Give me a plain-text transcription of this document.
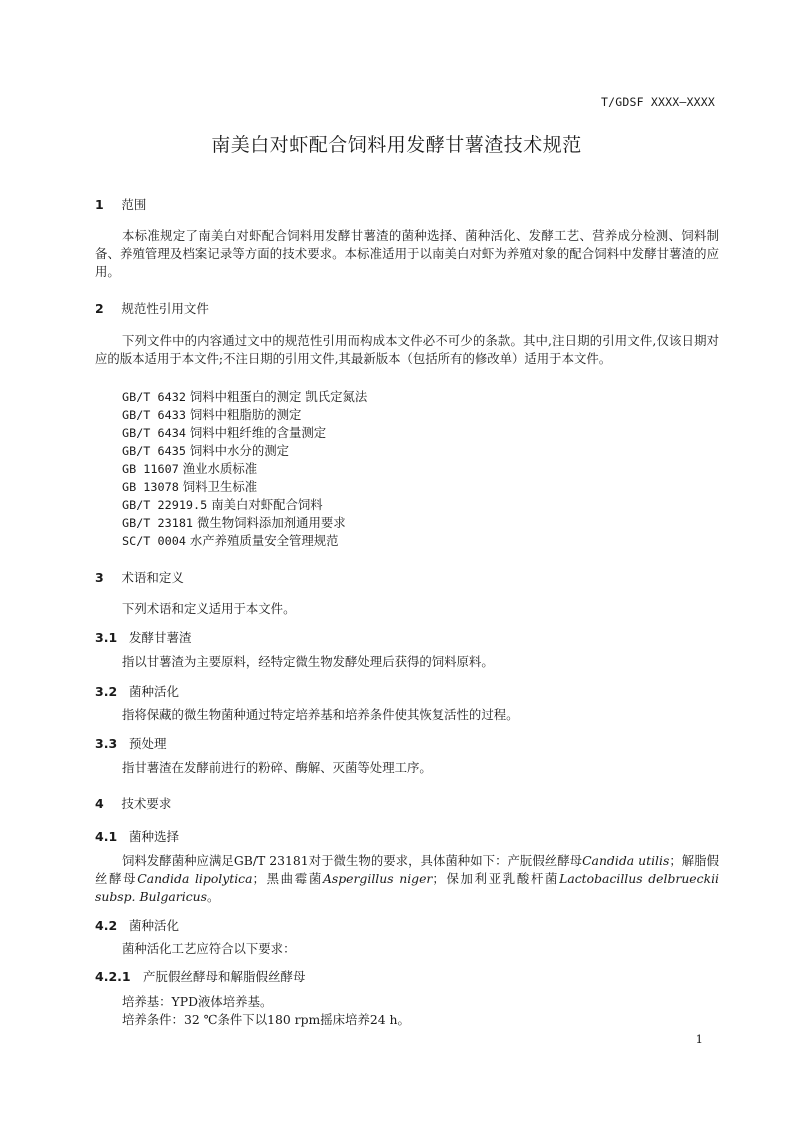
T/GDSF XXXX—XXXX
南美白对虾配合饲料用发酵甘薯渣技术规范
1 范围
本标准规定了南美白对虾配合饲料用发酵甘薯渣的菌种选择、菌种活化、发酵工艺、营养成分检测、饲料制备、养殖管理及档案记录等方面的技术要求。本标准适用于以南美白对虾为养殖对象的配合饲料中发酵甘薯渣的应用。
2 规范性引用文件
下列文件中的内容通过文中的规范性引用而构成本文件必不可少的条款。其中,注日期的引用文件,仅该日期对应的版本适用于本文件;不注日期的引用文件,其最新版本（包括所有的修改单）适用于本文件。
GB/T 6432 饲料中粗蛋白的测定 凯氏定氮法
GB/T 6433 饲料中粗脂肪的测定
GB/T 6434 饲料中粗纤维的含量测定
GB/T 6435 饲料中水分的测定
GB 11607 渔业水质标准
GB 13078 饲料卫生标准
GB/T 22919.5 南美白对虾配合饲料
GB/T 23181 微生物饲料添加剂通用要求
SC/T 0004 水产养殖质量安全管理规范
3 术语和定义
下列术语和定义适用于本文件。
3.1 发酵甘薯渣
指以甘薯渣为主要原料，经特定微生物发酵处理后获得的饲料原料。
3.2 菌种活化
指将保藏的微生物菌种通过特定培养基和培养条件使其恢复活性的过程。
3.3 预处理
指甘薯渣在发酵前进行的粉碎、酶解、灭菌等处理工序。
4 技术要求
4.1 菌种选择
饲料发酵菌种应满足GB/T 23181对于微生物的要求，具体菌种如下：产朊假丝酵母Candida utilis；解脂假丝酵母Candida lipolytica；黑曲霉菌Aspergillus niger；保加利亚乳酸杆菌Lactobacillus delbrueckii subsp. Bulgaricus。
4.2 菌种活化
菌种活化工艺应符合以下要求：
4.2.1 产朊假丝酵母和解脂假丝酵母
培养基：YPD液体培养基。
培养条件：32 ℃条件下以180 rpm摇床培养24 h。
1
